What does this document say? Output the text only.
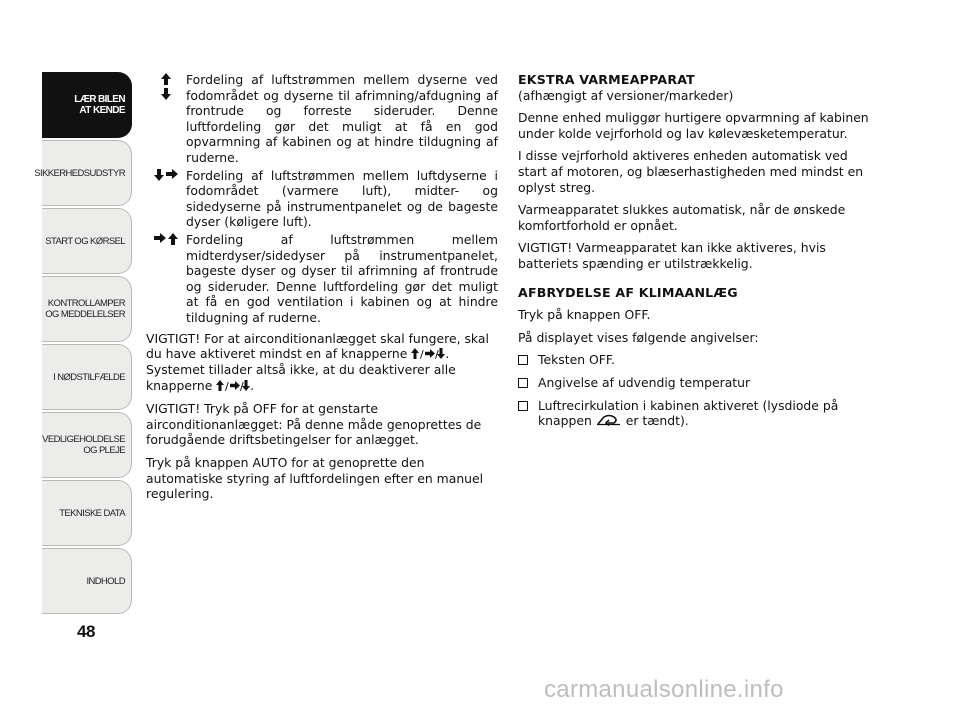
LÆR BILEN
AT KENDE
SIKKERHEDSUDSTYR
START OG KØRSEL
KONTROLLAMPER
OG MEDDELELSER
I NØDSTILFÆLDE
VEDLIGEHOLDELSE
OG PLEJE
TEKNISKE DATA
INDHOLD
48
Fordeling af luftstrømmen mellem dyserne ved fodområdet og dyserne til afrimning/afdugning af frontrude og forreste sideruder. Denne luftfordeling gør det muligt at få en god opvarmning af kabinen og at hindre tildugning af ruderne.
Fordeling af luftstrømmen mellem luftdyserne i fodområdet (varmere luft), midter- og sidedyserne på instrumentpanelet og de bageste dyser (køligere luft).
Fordeling af luftstrømmen mellem midterdyser/sidedyser på instrumentpanelet, bageste dyser og dyser til afrimning af frontrude og sideruder. Denne luftfordeling gør det muligt at få en god ventilation i kabinen og at hindre tildugning af ruderne.

VIGTIGT! For at airconditionanlægget skal fungere, skal du have aktiveret mindst en af knapperne / / . Systemet tillader altså ikke, at du deaktiverer alle knapperne / / .

VIGTIGT! Tryk på OFF for at genstarte airconditionanlægget: På denne måde genoprettes de forudgående driftsbetingelser for anlægget.

Tryk på knappen AUTO for at genoprette den automatiske styring af luftfordelingen efter en manuel regulering.

EKSTRA VARMEAPPARAT

(afhængigt af versioner/markeder)

Denne enhed muliggør hurtigere opvarmning af kabinen under kolde vejrforhold og lav kølevæsketemperatur.

I disse vejrforhold aktiveres enheden automatisk ved start af motoren, og blæserhastigheden med mindst en oplyst streg.

Varmeapparatet slukkes automatisk, når de ønskede komfortforhold er opnået.

VIGTIGT! Varmeapparatet kan ikke aktiveres, hvis batteriets spænding er utilstrækkelig.

AFBRYDELSE AF KLIMAANLÆG

Tryk på knappen OFF.

På displayet vises følgende angivelser:

Teksten OFF.
Angivelse af udvendig temperatur
Luftrecirkulation i kabinen aktiveret (lysdiode på knappen  er tændt).
carmanualsonline.info
